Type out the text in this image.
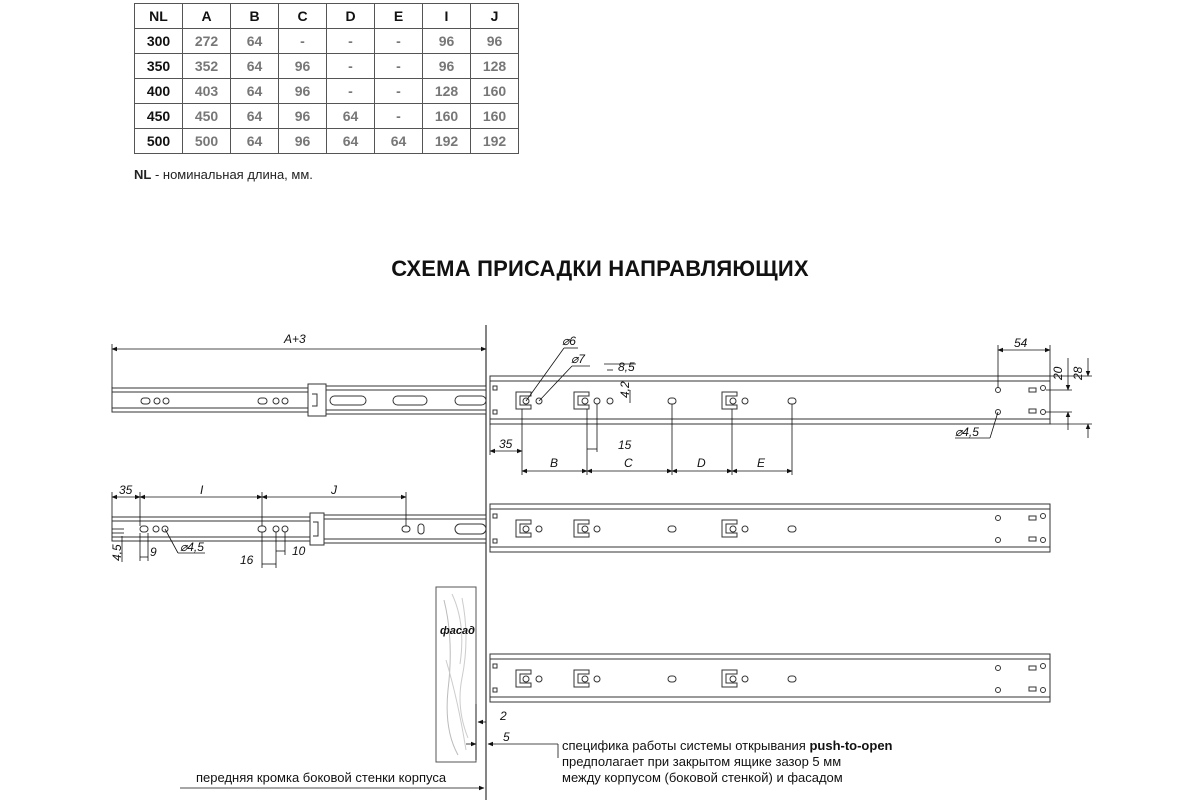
NL	A	B	C	D	E	I	J
300	272	64	-	-	-	96	96
350	352	64	96	-	-	96	128
400	403	64	96	-	-	128	160
450	450	64	96	64	-	160	160
500	500	64	96	64	64	192	192
NL - номинальная длина, мм.
СХЕМА ПРИСАДКИ НАПРАВЛЯЮЩИХ
A+3	⌀6
⌀7
8,5
4,2
35	15
B	C	D	E
54
20 28
⌀4,5
35	I	J
4,5 9 ⌀4,5
16
10
2
5
фасад
передняя кромка боковой стенки корпуса
специфика работы системы открывания push-to-open
предполагает при закрытом ящике зазор 5 мм
между корпусом (боковой стенкой) и фасадом
